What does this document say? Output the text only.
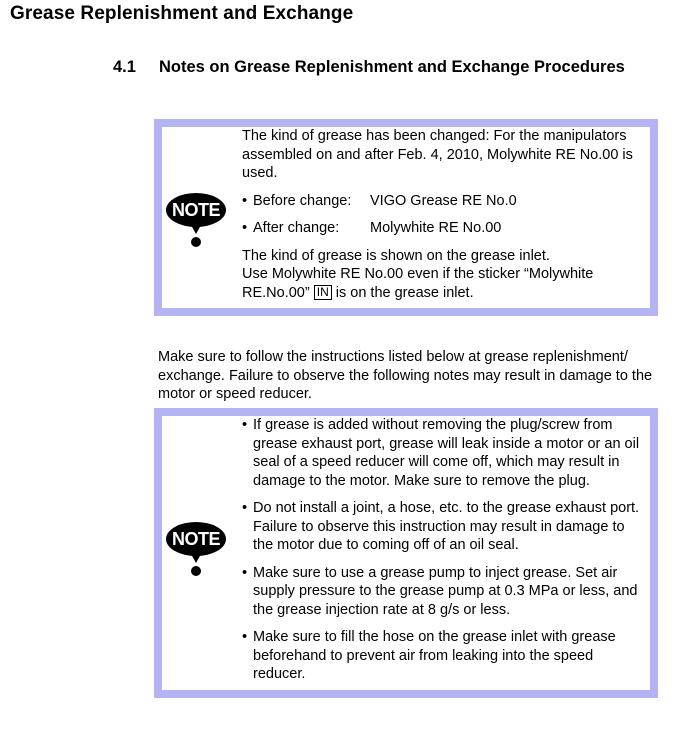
Grease Replenishment and Exchange
4.1 Notes on Grease Replenishment and Exchange Procedures
NOTE

The kind of grease has been changed: For the manipulators assembled on and after Feb. 4, 2010, Molywhite RE No.00 is used.

• Before change:	VIGO Grease RE No.0
• After change:	Molywhite RE No.00

The kind of grease is shown on the grease inlet.

Use Molywhite RE No.00 even if the sticker “Molywhite RE.No.00” IN is on the grease inlet.

Make sure to follow the instructions listed below at grease replenishment/ exchange. Failure to observe the following notes may result in damage to the motor or speed reducer.

NOTE
• If grease is added without removing the plug/screw from grease exhaust port, grease will leak inside a motor or an oil seal of a speed reducer will come off, which may result in damage to the motor. Make sure to remove the plug.
• Do not install a joint, a hose, etc. to the grease exhaust port. Failure to observe this instruction may result in damage to the motor due to coming off of an oil seal.
• Make sure to use a grease pump to inject grease. Set air supply pressure to the grease pump at 0.3 MPa or less, and the grease injection rate at 8 g/s or less.
• Make sure to fill the hose on the grease inlet with grease beforehand to prevent air from leaking into the speed reducer.
